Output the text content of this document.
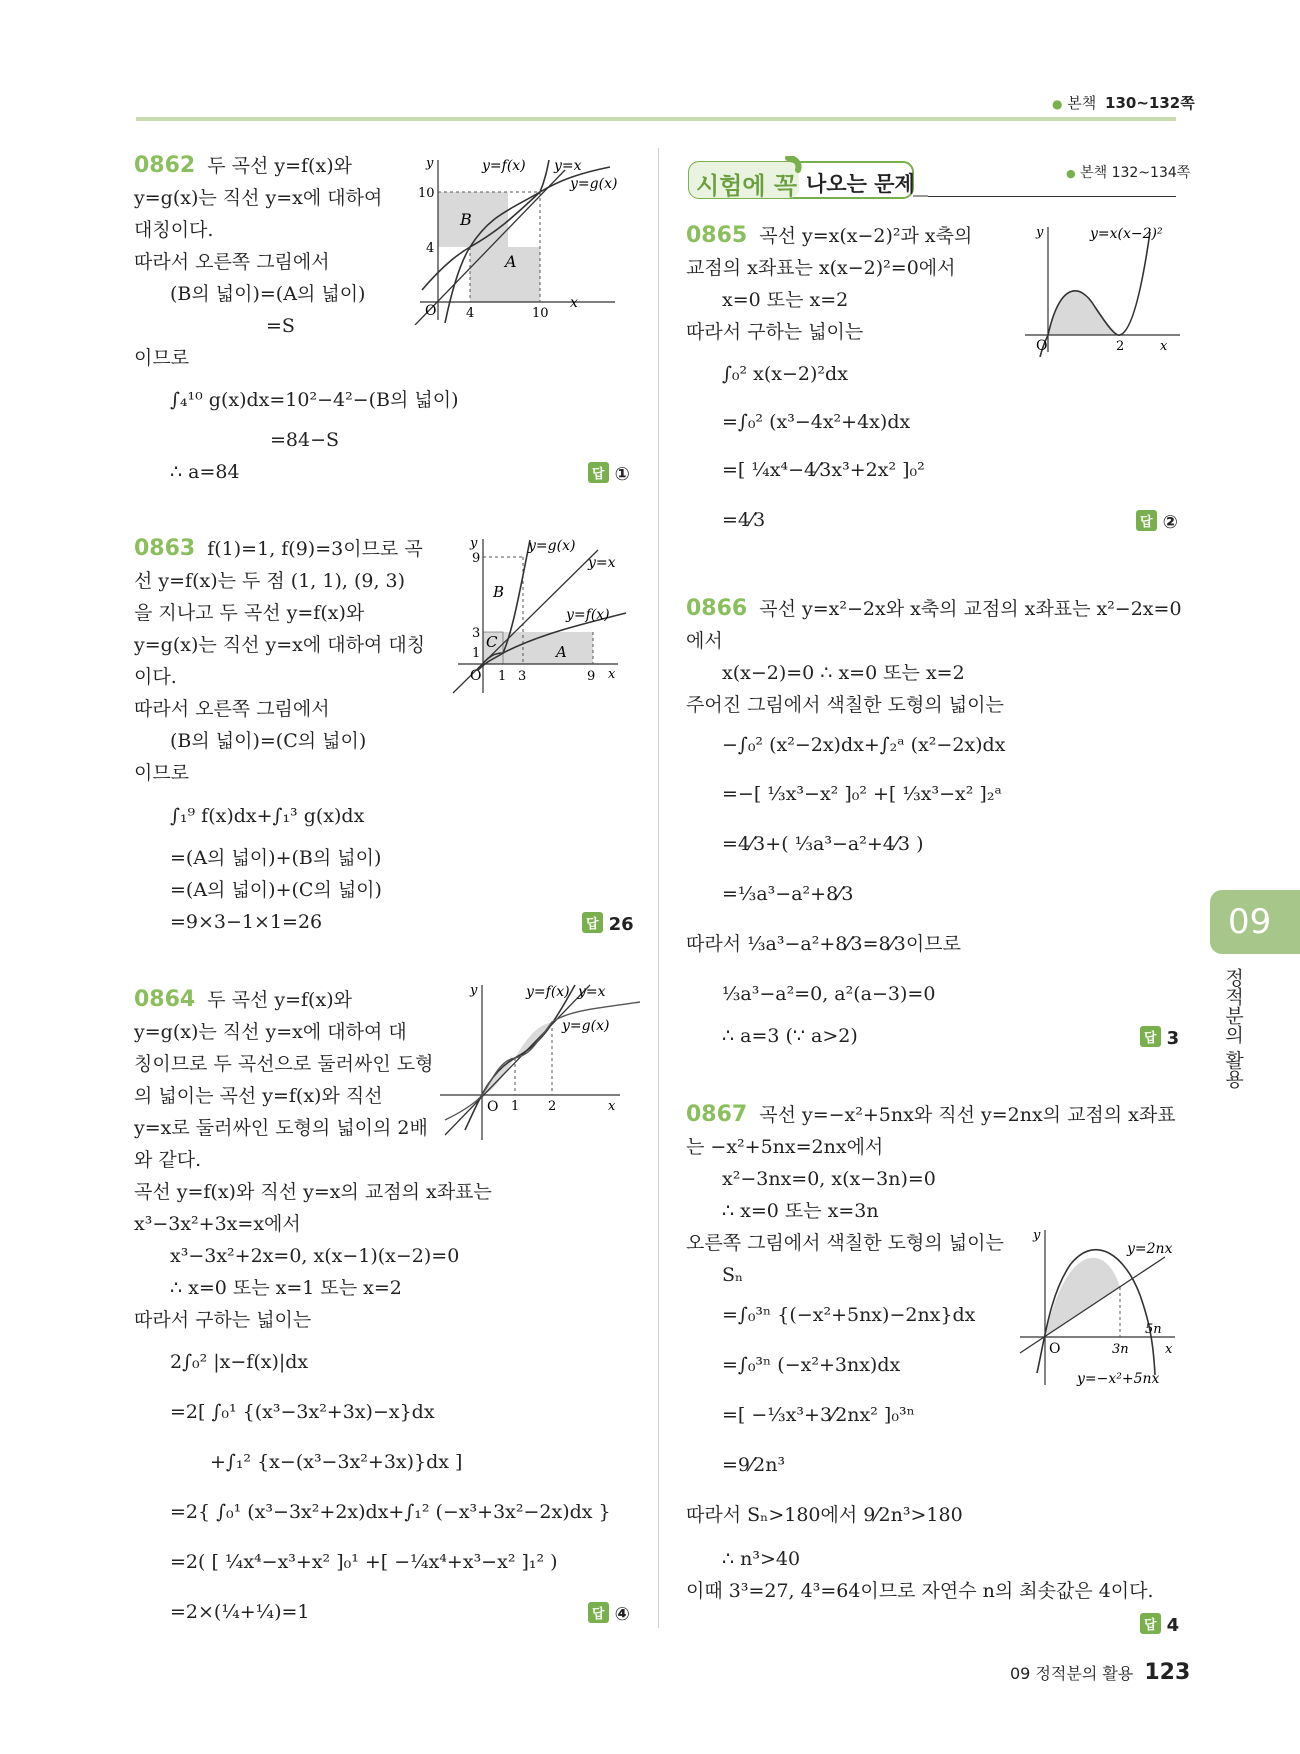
● 본책 130~132쪽
0862 두 곡선 y=f(x)와
y=g(x)는 직선 y=x에 대하여
대칭이다.
따라서 오른쪽 그림에서
(B의 넓이)=(A의 넓이)
=S
이므로
∫₄¹⁰ g(x)dx=10²−4²−(B의 넓이)
=84−S
∴ a=84	답 ①
y=f(x) y=x
y=g(x)
y
x
O
10
4
4	10
B
A
0863 f(1)=1, f(9)=3이므로 곡
선 y=f(x)는 두 점 (1, 1), (9, 3)
을 지나고 두 곡선 y=f(x)와
y=g(x)는 직선 y=x에 대하여 대칭
이다.
따라서 오른쪽 그림에서
(B의 넓이)=(C의 넓이)
이므로
∫₁⁹ f(x)dx+∫₁³ g(x)dx
=(A의 넓이)+(B의 넓이)
=(A의 넓이)+(C의 넓이)
=9×3−1×1=26	답 26
y=g(x)
y=x
y=f(x)
y
x
O
9
3
1
1 3	9
B
C
A
0864 두 곡선 y=f(x)와
y=g(x)는 직선 y=x에 대하여 대
칭이므로 두 곡선으로 둘러싸인 도형
의 넓이는 곡선 y=f(x)와 직선
y=x로 둘러싸인 도형의 넓이의 2배
와 같다.
곡선 y=f(x)와 직선 y=x의 교점의 x좌표는
x³−3x²+3x=x에서
x³−3x²+2x=0, x(x−1)(x−2)=0
∴ x=0 또는 x=1 또는 x=2
따라서 구하는 넓이는
2∫₀² |x−f(x)|dx
=2[ ∫₀¹ {(x³−3x²+3x)−x}dx
+∫₁² {x−(x³−3x²+3x)}dx ]
=2{ ∫₀¹ (x³−3x²+2x)dx+∫₁² (−x³+3x²−2x)dx }
=2( [ ¼x⁴−x³+x² ]₀¹ +[ −¼x⁴+x³−x² ]₁² )
=2×(¼+¼)=1	답 ④
y=f(x) y=x
y=g(x)
y
x
O 1 2
시험에 꼭 나오는 문제	● 본책 132~134쪽
0865 곡선 y=x(x−2)²과 x축의
교점의 x좌표는 x(x−2)²=0에서
x=0 또는 x=2
따라서 구하는 넓이는
∫₀² x(x−2)²dx
=∫₀² (x³−4x²+4x)dx
=[ ¼x⁴−4⁄3x³+2x² ]₀²
=4⁄3	답 ②
y=x(x−2)²
y
x
O	2
0866 곡선 y=x²−2x와 x축의 교점의 x좌표는 x²−2x=0
에서
x(x−2)=0 ∴ x=0 또는 x=2
주어진 그림에서 색칠한 도형의 넓이는
−∫₀² (x²−2x)dx+∫₂ᵃ (x²−2x)dx
=−[ ⅓x³−x² ]₀² +[ ⅓x³−x² ]₂ᵃ
=4⁄3+( ⅓a³−a²+4⁄3 )
=⅓a³−a²+8⁄3
따라서 ⅓a³−a²+8⁄3=8⁄3이므로
⅓a³−a²=0, a²(a−3)=0
∴ a=3 (∵ a>2)	답 3
0867 곡선 y=−x²+5nx와 직선 y=2nx의 교점의 x좌표
는 −x²+5nx=2nx에서
x²−3nx=0, x(x−3n)=0
∴ x=0 또는 x=3n
오른쪽 그림에서 색칠한 도형의 넓이는
Sₙ
=∫₀³ⁿ {(−x²+5nx)−2nx}dx
=∫₀³ⁿ (−x²+3nx)dx
=[ −⅓x³+3⁄2nx² ]₀³ⁿ
=9⁄2n³
따라서 Sₙ>180에서 9⁄2n³>180
∴ n³>40
이때 3³=27, 4³=64이므로 자연수 n의 최솟값은 4이다.
답 4
y=2nx
y=−x²+5nx
y
x
O	3n
5n
09
정적분의 활용
09 정적분의 활용 123
